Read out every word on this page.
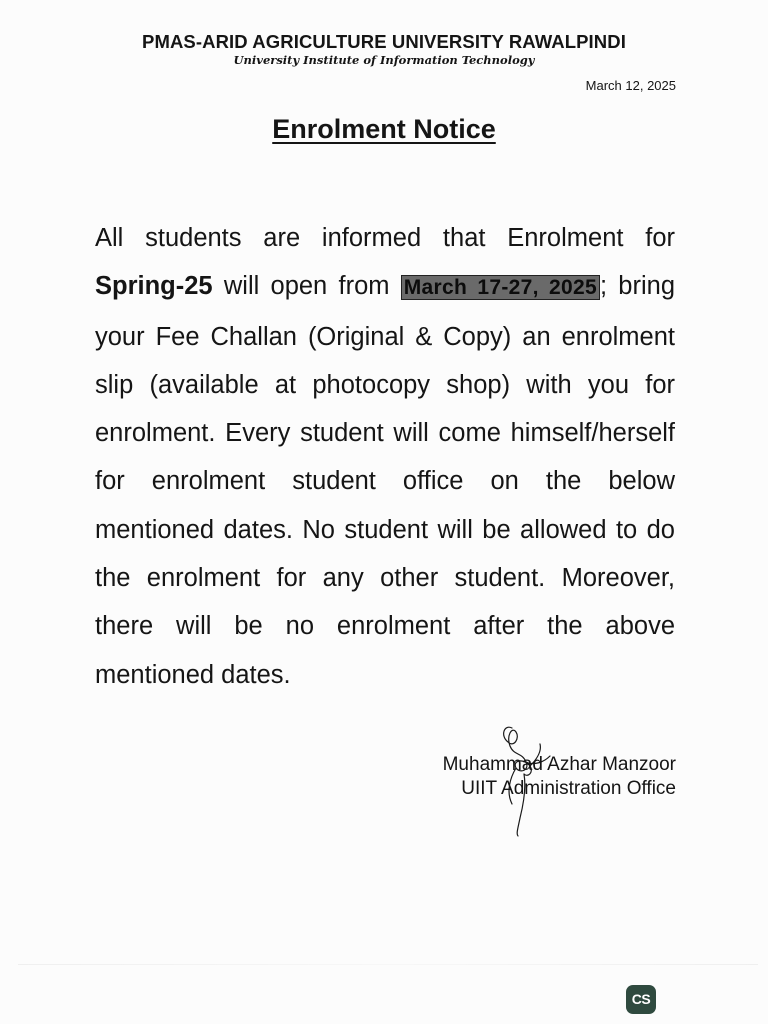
PMAS-ARID AGRICULTURE UNIVERSITY RAWALPINDI
University Institute of Information Technology
March 12, 2025
Enrolment Notice
All students are informed that Enrolment for Spring-25 will open from March 17-27, 2025 ; bring your Fee Challan (Original & Copy) an enrolment slip (available at photocopy shop) with you for enrolment. Every student will come himself/herself for enrolment student office on the below mentioned dates. No student will be allowed to do the enrolment for any other student. Moreover, there will be no enrolment after the above mentioned dates.
Muhammad Azhar Manzoor
UIIT Administration Office
CS
